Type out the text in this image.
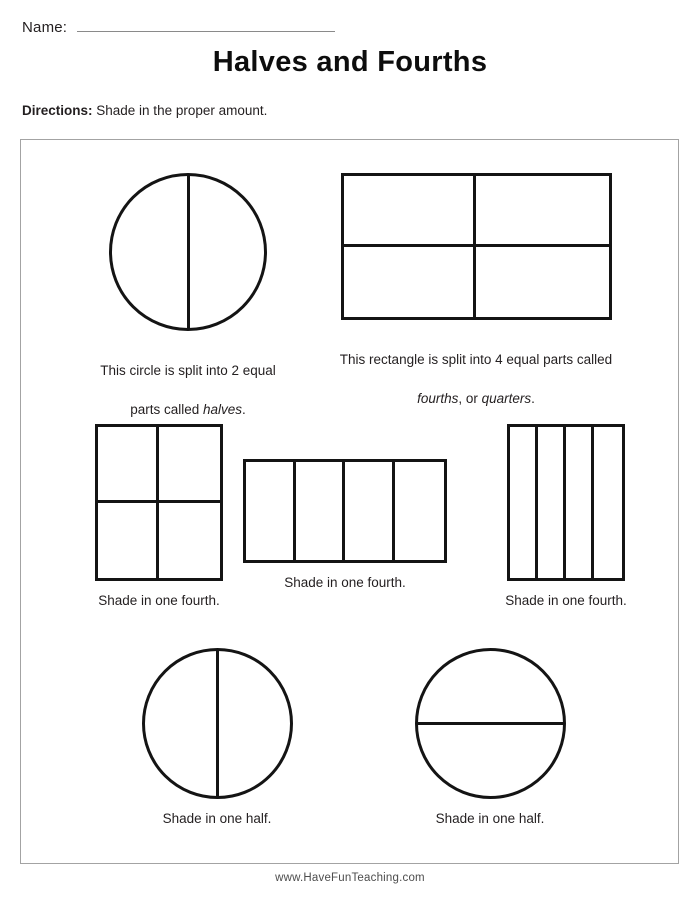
Name:
Halves and Fourths
Directions: Shade in the proper amount.

This circle is split into 2 equal

parts called halves.

This rectangle is split into 4 equal parts called

fourths, or quarters.

Shade in one fourth.
Shade in one fourth.
Shade in one fourth.
Shade in one half.	Shade in one half.
www.HaveFunTeaching.com
